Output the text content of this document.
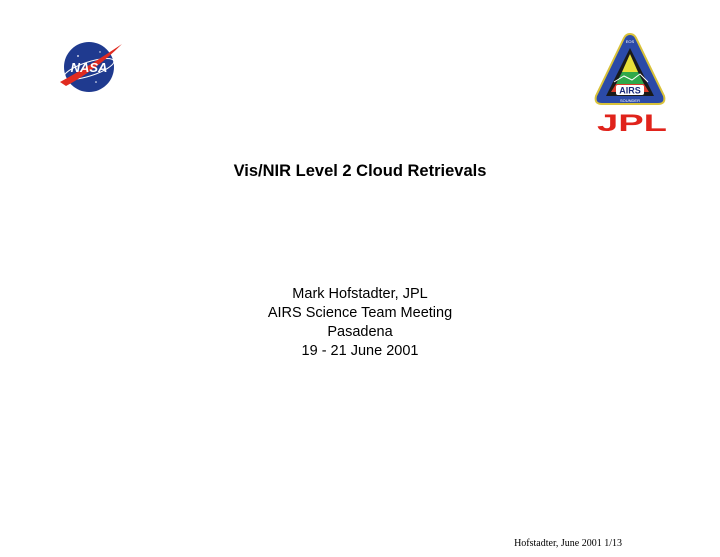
NASA
AIRS
EOS
SOUNDER
JPL
Vis/NIR Level 2 Cloud Retrievals
Mark Hofstadter, JPL
AIRS Science Team Meeting
Pasadena
19 - 21 June 2001
Hofstadter, June 2001 1/13
